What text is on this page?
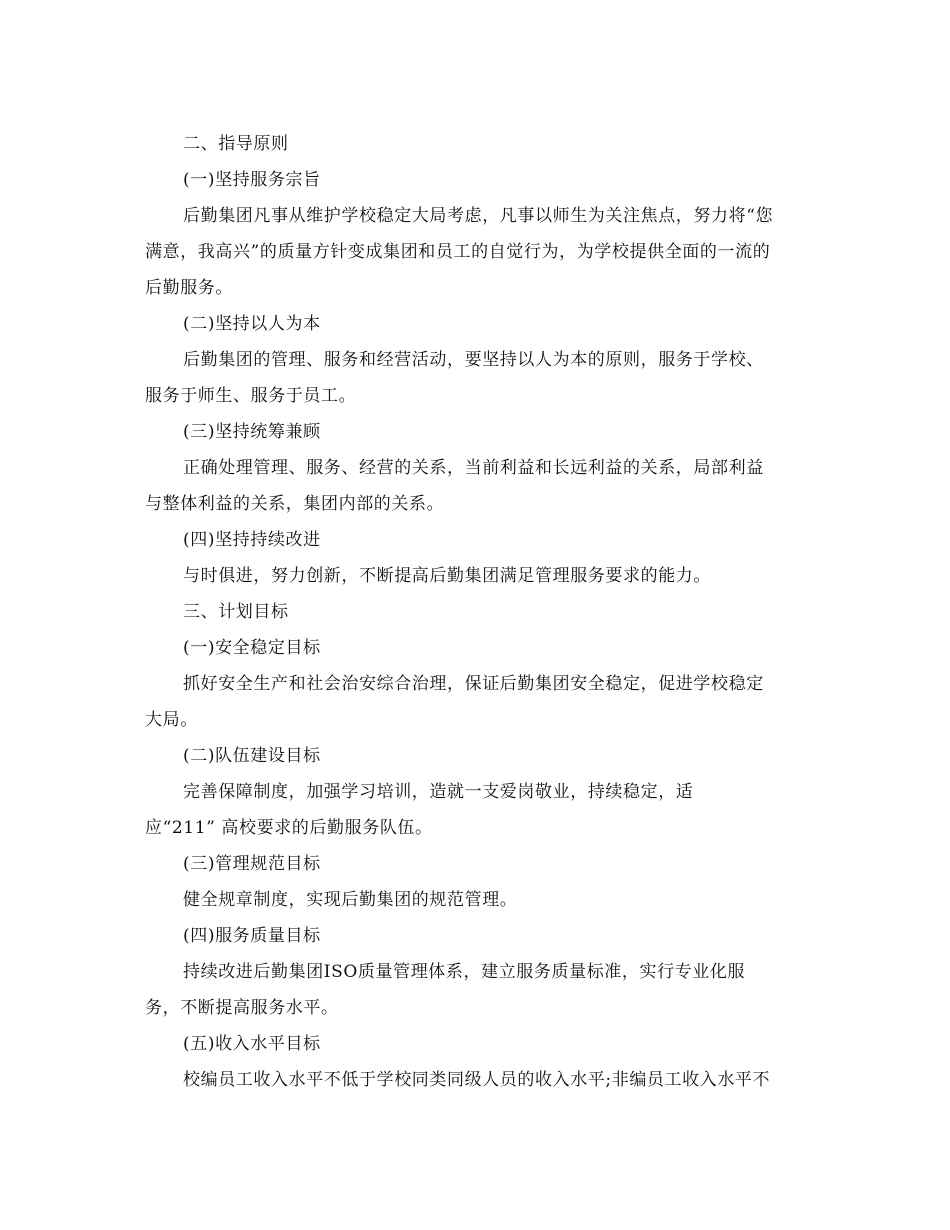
二、指导原则
(一)坚持服务宗旨
后勤集团凡事从维护学校稳定大局考虑，凡事以师生为关注焦点，努力将“您
满意，我高兴”的质量方针变成集团和员工的自觉行为，为学校提供全面的一流的
后勤服务。
(二)坚持以人为本
后勤集团的管理、服务和经营活动，要坚持以人为本的原则，服务于学校、
服务于师生、服务于员工。
(三)坚持统筹兼顾
正确处理管理、服务、经营的关系，当前利益和长远利益的关系，局部利益
与整体利益的关系，集团内部的关系。
(四)坚持持续改进
与时俱进，努力创新，不断提高后勤集团满足管理服务要求的能力。
三、计划目标
(一)安全稳定目标
抓好安全生产和社会治安综合治理，保证后勤集团安全稳定，促进学校稳定
大局。
(二)队伍建设目标
完善保障制度，加强学习培训，造就一支爱岗敬业，持续稳定，适
应“211” 高校要求的后勤服务队伍。
(三)管理规范目标
健全规章制度，实现后勤集团的规范管理。
(四)服务质量目标
持续改进后勤集团ISO质量管理体系，建立服务质量标准，实行专业化服
务，不断提高服务水平。
(五)收入水平目标
校编员工收入水平不低于学校同类同级人员的收入水平;非编员工收入水平不
